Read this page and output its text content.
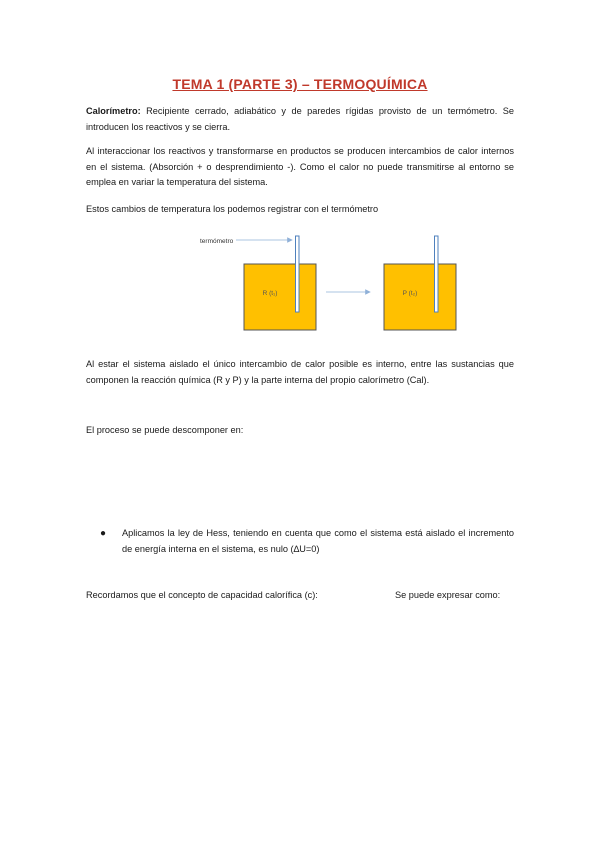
TEMA 1 (PARTE 3) – TERMOQUÍMICA

Calorímetro: Recipiente cerrado, adiabático y de paredes rígidas provisto de un termómetro. Se introducen los reactivos y se cierra.

Al interaccionar los reactivos y transformarse en productos se producen intercambios de calor internos en el sistema. (Absorción + o desprendimiento -). Como el calor no puede transmitirse al entorno se emplea en variar la temperatura del sistema.

Estos cambios de temperatura los podemos registrar con el termómetro

termómetro
R (t₁)	P (t₂)

Al estar el sistema aislado el único intercambio de calor posible es interno, entre las sustancias que componen la reacción química (R y P) y la parte interna del propio calorímetro (Cal).

El proceso se puede descomponer en:

● Aplicamos la ley de Hess, teniendo en cuenta que como el sistema está aislado el incremento de energía interna en el sistema, es nulo (∆U=0)
Recordamos que el concepto de capacidad calorífica (c):	Se puede expresar como:
